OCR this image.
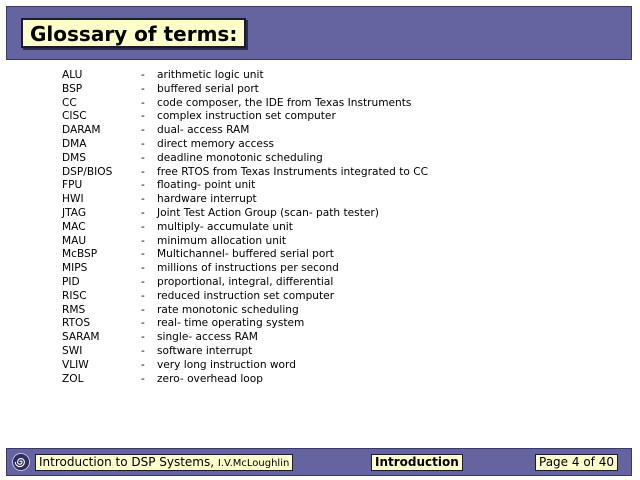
Glossary of terms:
ALU	- arithmetic logic unit
BSP	- buffered serial port
CC	- code composer, the IDE from Texas Instruments
CISC	- complex instruction set computer
DARAM	- dual- access RAM
DMA	- direct memory access
DMS	- deadline monotonic scheduling
DSP/BIOS	- free RTOS from Texas Instruments integrated to CC
FPU	- floating- point unit
HWI	- hardware interrupt
JTAG	- Joint Test Action Group (scan- path tester)
MAC	- multiply- accumulate unit
MAU	- minimum allocation unit
McBSP	- Multichannel- buffered serial port
MIPS	- millions of instructions per second
PID	- proportional, integral, differential
RISC	- reduced instruction set computer
RMS	- rate monotonic scheduling
RTOS	- real- time operating system
SARAM	- single- access RAM
SWI	- software interrupt
VLIW	- very long instruction word
ZOL	- zero- overhead loop
Introduction to DSP Systems, I.V.McLoughlin	Introduction	Page 4 of 40
